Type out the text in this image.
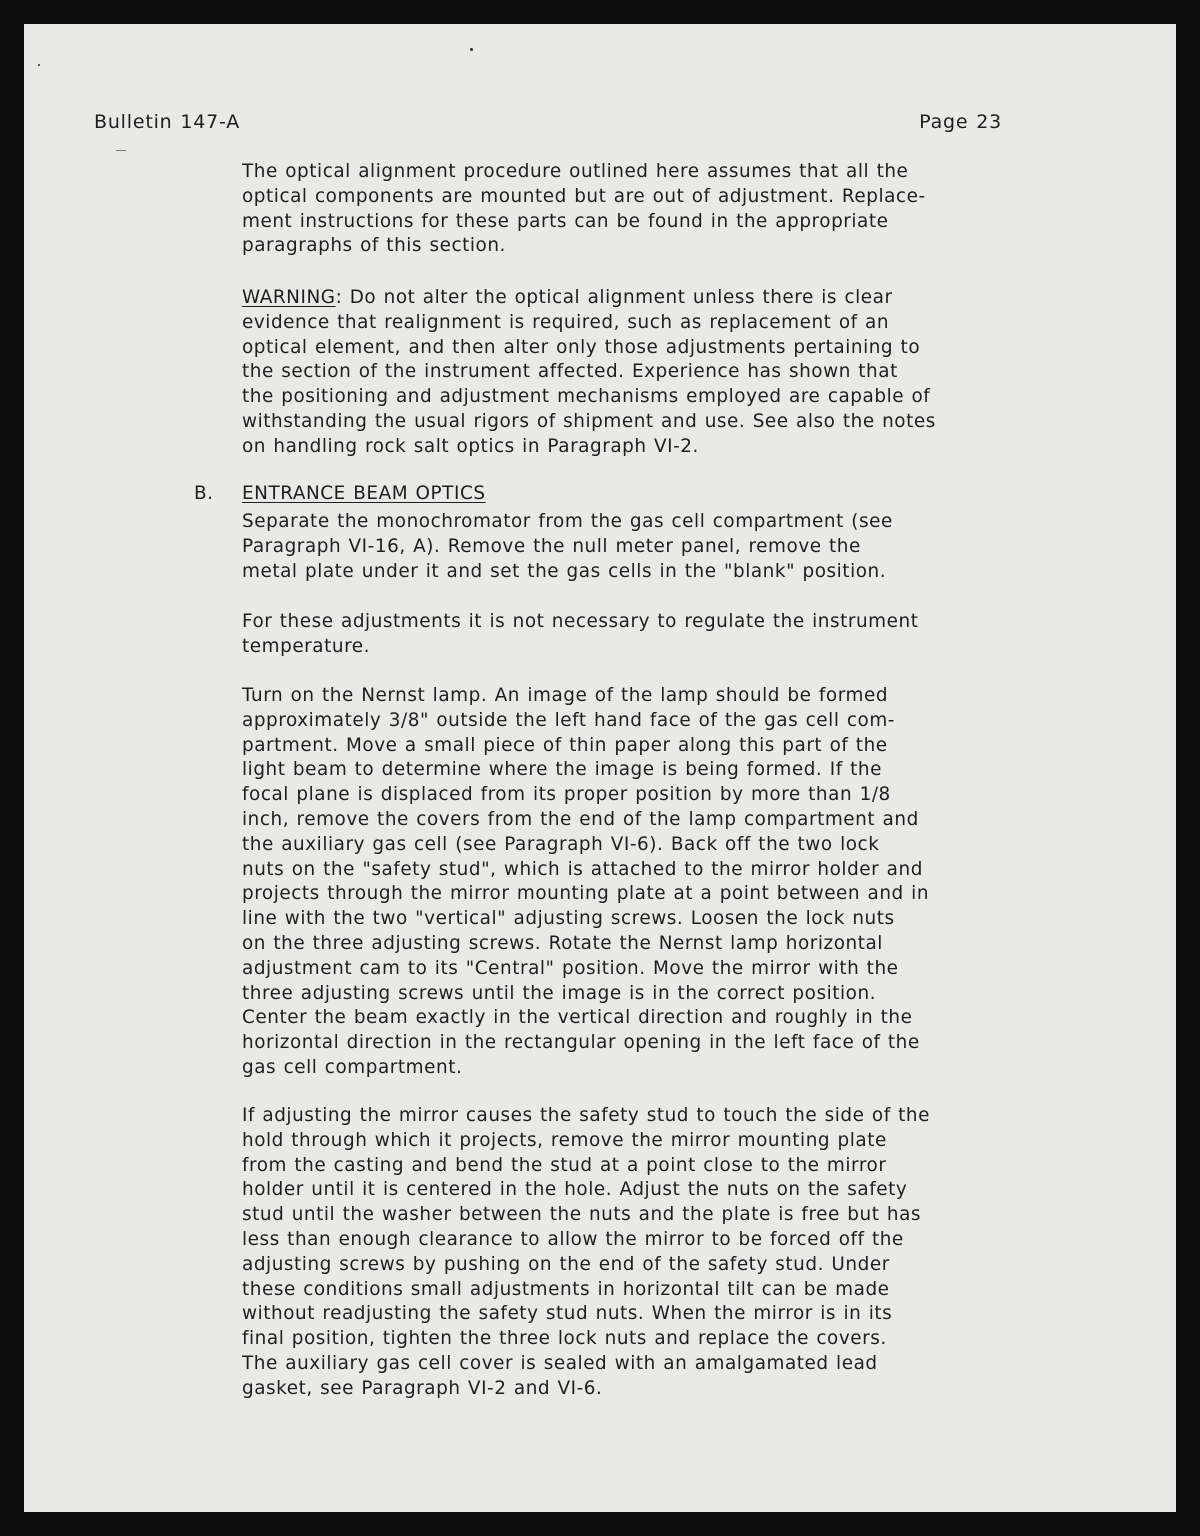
Bulletin 147-A	Page 23
The optical alignment procedure outlined here assumes that all the
optical components are mounted but are out of adjustment. Replace-
ment instructions for these parts can be found in the appropriate
paragraphs of this section.
WARNING: Do not alter the optical alignment unless there is clear
evidence that realignment is required, such as replacement of an
optical element, and then alter only those adjustments pertaining to
the section of the instrument affected. Experience has shown that
the positioning and adjustment mechanisms employed are capable of
withstanding the usual rigors of shipment and use. See also the notes
on handling rock salt optics in Paragraph VI-2.
B. ENTRANCE BEAM OPTICS
Separate the monochromator from the gas cell compartment (see
Paragraph VI-16, A). Remove the null meter panel, remove the
metal plate under it and set the gas cells in the "blank" position.
For these adjustments it is not necessary to regulate the instrument
temperature.
Turn on the Nernst lamp. An image of the lamp should be formed
approximately 3/8" outside the left hand face of the gas cell com-
partment. Move a small piece of thin paper along this part of the
light beam to determine where the image is being formed. If the
focal plane is displaced from its proper position by more than 1/8
inch, remove the covers from the end of the lamp compartment and
the auxiliary gas cell (see Paragraph VI-6). Back off the two lock
nuts on the "safety stud", which is attached to the mirror holder and
projects through the mirror mounting plate at a point between and in
line with the two "vertical" adjusting screws. Loosen the lock nuts
on the three adjusting screws. Rotate the Nernst lamp horizontal
adjustment cam to its "Central" position. Move the mirror with the
three adjusting screws until the image is in the correct position.
Center the beam exactly in the vertical direction and roughly in the
horizontal direction in the rectangular opening in the left face of the
gas cell compartment.
If adjusting the mirror causes the safety stud to touch the side of the
hold through which it projects, remove the mirror mounting plate
from the casting and bend the stud at a point close to the mirror
holder until it is centered in the hole. Adjust the nuts on the safety
stud until the washer between the nuts and the plate is free but has
less than enough clearance to allow the mirror to be forced off the
adjusting screws by pushing on the end of the safety stud. Under
these conditions small adjustments in horizontal tilt can be made
without readjusting the safety stud nuts. When the mirror is in its
final position, tighten the three lock nuts and replace the covers.
The auxiliary gas cell cover is sealed with an amalgamated lead
gasket, see Paragraph VI-2 and VI-6.
